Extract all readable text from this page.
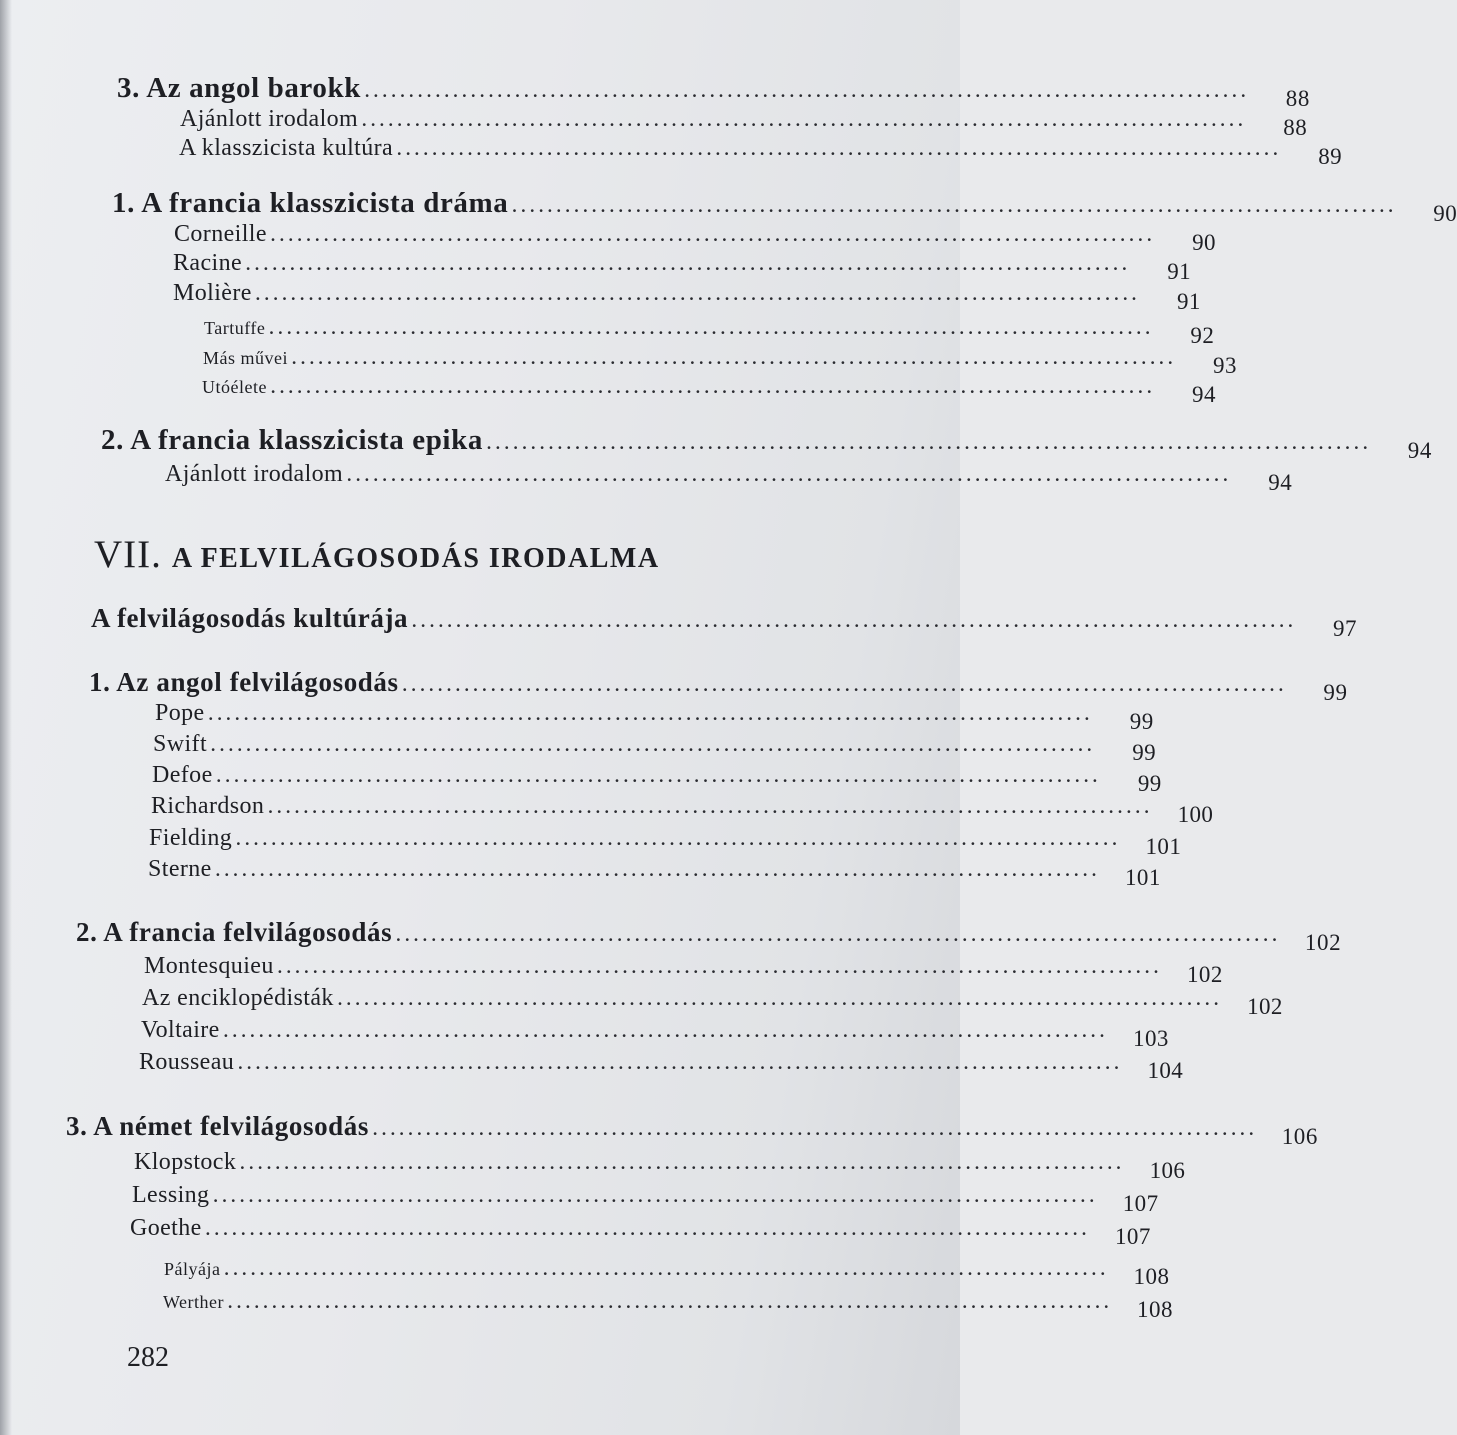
3. Az angol barokk ....................................................................................................	88
Ajánlott irodalom ....................................................................................................	88
A klasszicista kultúra ....................................................................................................	89
1. A francia klasszicista dráma ....................................................................................................	90
Corneille ....................................................................................................	90
Racine ....................................................................................................	91
Molière ....................................................................................................	91
Tartuffe ....................................................................................................	92
Más művei ....................................................................................................	93
Utóélete ....................................................................................................	94
2. A francia klasszicista epika ....................................................................................................	94
Ajánlott irodalom ....................................................................................................	94
VII. A FELVILÁGOSODÁS IRODALMA
A felvilágosodás kultúrája ....................................................................................................	97
1. Az angol felvilágosodás ....................................................................................................	99
Pope ....................................................................................................	99
Swift ....................................................................................................	99
Defoe ....................................................................................................	99
Richardson ....................................................................................................	100
Fielding ....................................................................................................	101
Sterne ....................................................................................................	101
2. A francia felvilágosodás ....................................................................................................	102
Montesquieu ....................................................................................................	102
Az enciklopédisták ....................................................................................................	102
Voltaire ....................................................................................................	103
Rousseau ....................................................................................................	104
3. A német felvilágosodás ....................................................................................................	106
Klopstock ....................................................................................................	106
Lessing ....................................................................................................	107
Goethe ....................................................................................................	107
Pályája ....................................................................................................	108
Werther ....................................................................................................	108
282
